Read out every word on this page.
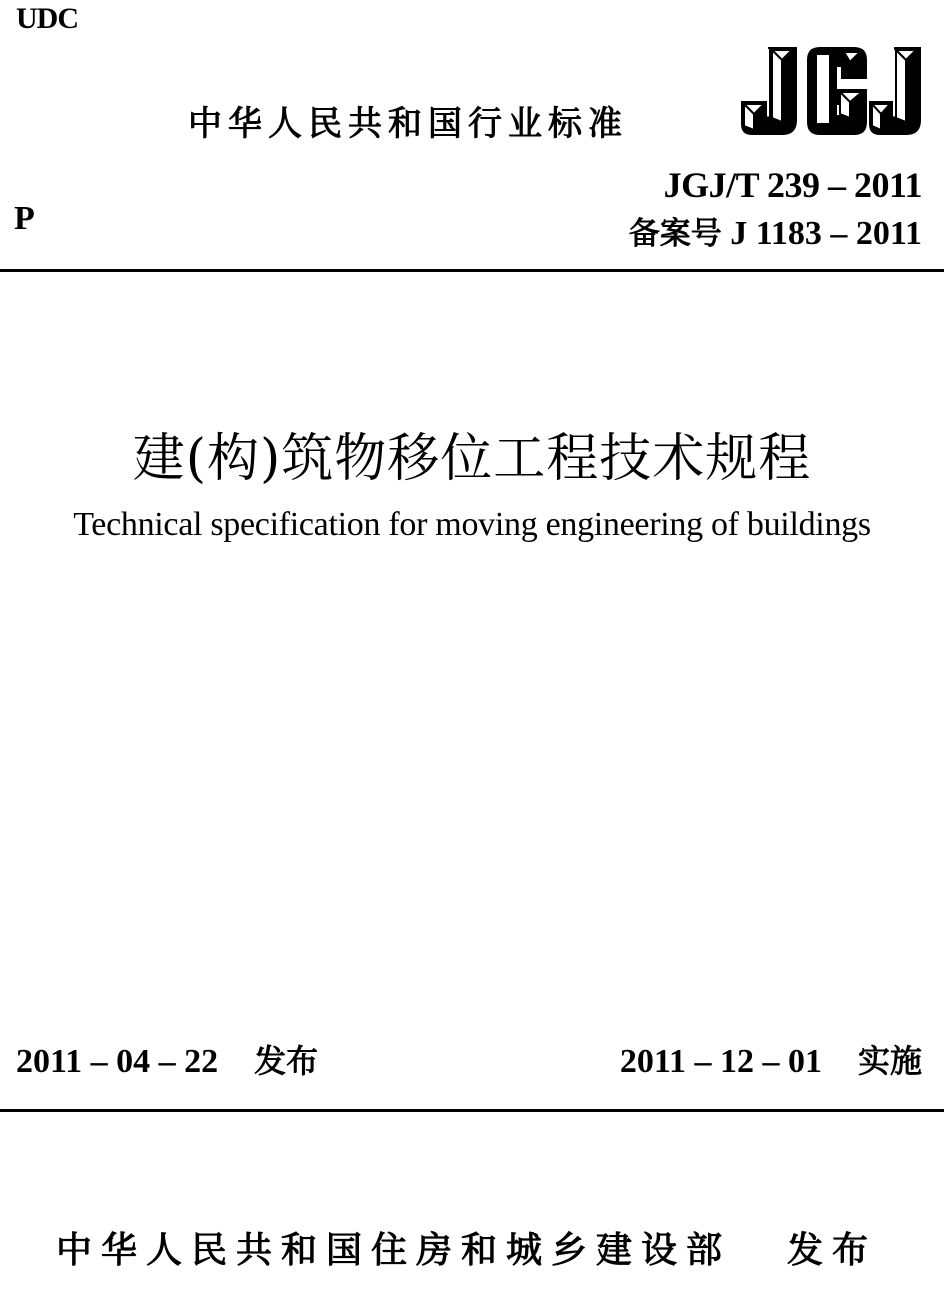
UDC
中华人民共和国行业标准
JGJ/T 239 – 2011
P	备案号 J 1183 – 2011
建(构)筑物移位工程技术规程
Technical specification for moving engineering of buildings
2011 – 04 – 22 发布	2011 – 12 – 01 实施
中华人民共和国住房和城乡建设部 发布
